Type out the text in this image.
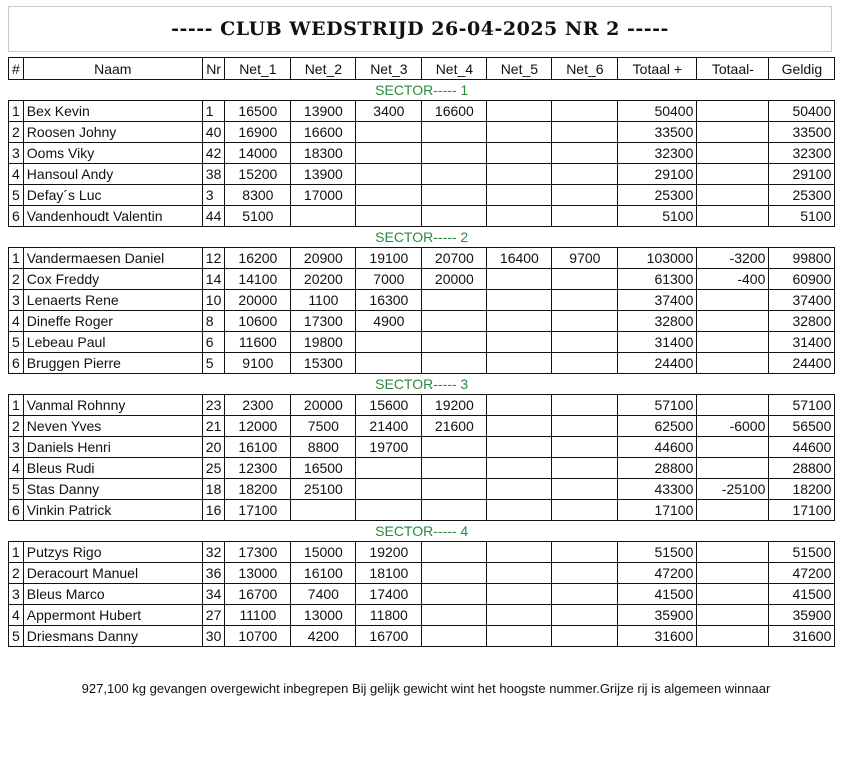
----- CLUB WEDSTRIJD 26-04-2025 NR 2 -----
#	Naam	Nr	Net_1	Net_2	Net_3	Net_4	Net_5	Net_6	Totaal +	Totaal-	Geldig
SECTOR----- 1											
1	Bex Kevin	1	16500	13900	3400	16600			50400		50400
2	Roosen Johny	40	16900	16600					33500		33500
3	Ooms Viky	42	14000	18300					32300		32300
4	Hansoul Andy	38	15200	13900					29100		29100
5	Defay´s Luc	3	8300	17000					25300		25300
6	Vandenhoudt Valentin	44	5100						5100		5100
SECTOR----- 2											
1	Vandermaesen Daniel	12	16200	20900	19100	20700	16400	9700	103000	-3200	99800
2	Cox Freddy	14	14100	20200	7000	20000			61300	-400	60900
3	Lenaerts Rene	10	20000	1100	16300				37400		37400
4	Dineffe Roger	8	10600	17300	4900				32800		32800
5	Lebeau Paul	6	11600	19800					31400		31400
6	Bruggen Pierre	5	9100	15300					24400		24400
SECTOR----- 3											
1	Vanmal Rohnny	23	2300	20000	15600	19200			57100		57100
2	Neven Yves	21	12000	7500	21400	21600			62500	-6000	56500
3	Daniels Henri	20	16100	8800	19700				44600		44600
4	Bleus Rudi	25	12300	16500					28800		28800
5	Stas Danny	18	18200	25100					43300	-25100	18200
6	Vinkin Patrick	16	17100						17100		17100
SECTOR----- 4											
1	Putzys Rigo	32	17300	15000	19200				51500		51500
2	Deracourt Manuel	36	13000	16100	18100				47200		47200
3	Bleus Marco	34	16700	7400	17400				41500		41500
4	Appermont Hubert	27	11100	13000	11800				35900		35900
5	Driesmans Danny	30	10700	4200	16700				31600		31600
927,100 kg gevangen overgewicht inbegrepen Bij gelijk gewicht wint het hoogste nummer.Grijze rij is algemeen winnaar
